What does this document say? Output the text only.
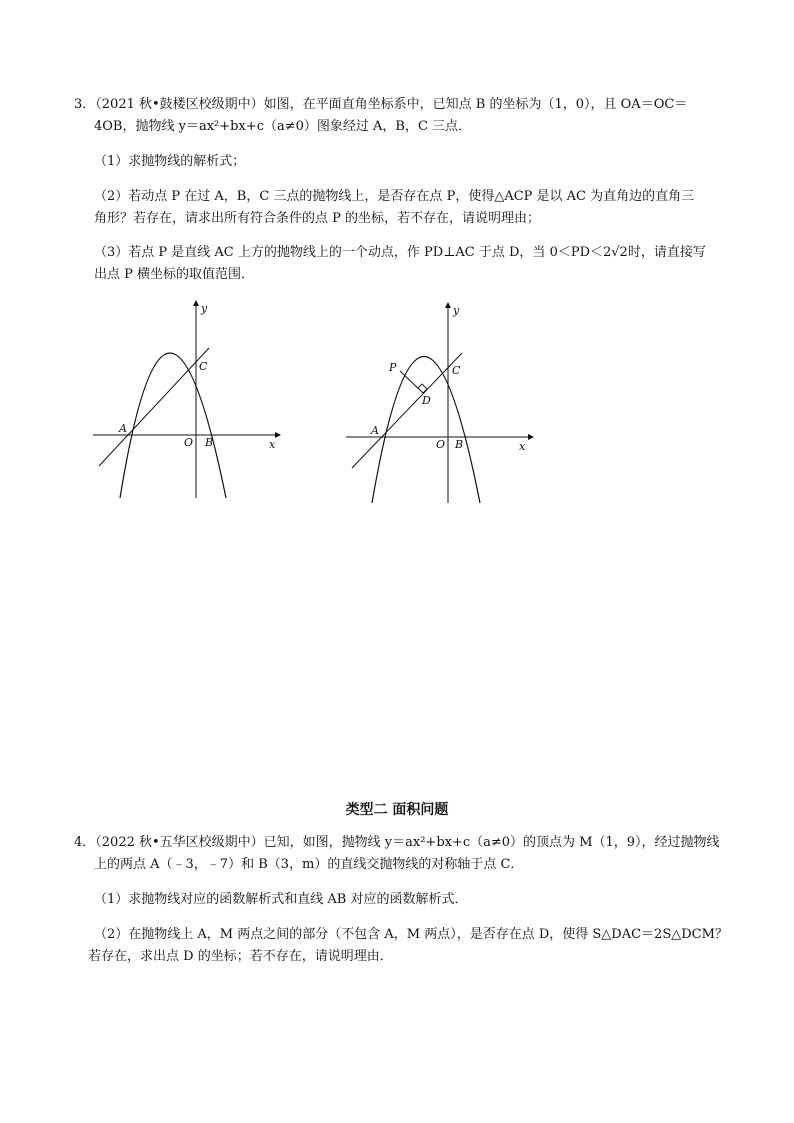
3．（2021 秋•鼓楼区校级期中）如图，在平面直角坐标系中，已知点 B 的坐标为（1，0），且 OA＝OC＝
4OB，抛物线 y＝ax²+bx+c（a≠0）图象经过 A，B，C 三点．
（1）求抛物线的解析式；
（2）若动点 P 在过 A，B，C 三点的抛物线上，是否存在点 P，使得△ACP 是以 AC 为直角边的直角三
角形？若存在，请求出所有符合条件的点 P 的坐标，若不存在，请说明理由；
（3）若点 P 是直线 AC 上方的抛物线上的一个动点，作 PD⊥AC 于点 D，当 0＜PD＜2√2时，请直接写
出点 P 横坐标的取值范围．
y
x
C
A
O B
y
x
P	C
D
A
O B
类型二 面积问题
4．（2022 秋•五华区校级期中）已知，如图，抛物线 y＝ax²+bx+c（a≠0）的顶点为 M（1，9），经过抛物线
上的两点 A（﹣3，﹣7）和 B（3，m）的直线交抛物线的对称轴于点 C．
（1）求抛物线对应的函数解析式和直线 AB 对应的函数解析式．
（2）在抛物线上 A，M 两点之间的部分（不包含 A，M 两点），是否存在点 D，使得 S△DAC＝2S△DCM？
若存在，求出点 D 的坐标；若不存在，请说明理由．
